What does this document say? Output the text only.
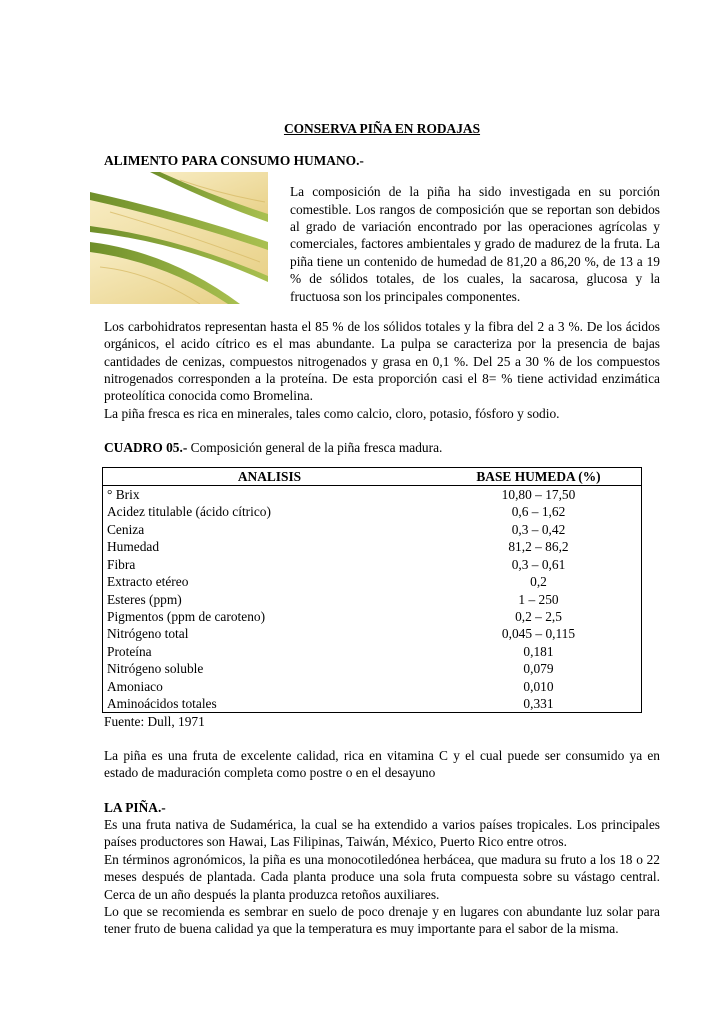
CONSERVA PIÑA EN RODAJAS

ALIMENTO PARA CONSUMO HUMANO.-

La composición de la piña ha sido investigada en su porción comestible. Los rangos de composición que se reportan son debidos al grado de variación encontrado por las operaciones agrícolas y comerciales, factores ambientales y grado de madurez de la fruta. La piña tiene un contenido de humedad de 81,20 a 86,20 %, de 13 a 19 % de sólidos totales, de los cuales, la sacarosa, glucosa y la fructuosa son los principales componentes.

Los carbohidratos representan hasta el 85 % de los sólidos totales y la fibra del 2 a 3 %. De los ácidos orgánicos, el acido cítrico es el mas abundante. La pulpa se caracteriza por la presencia de bajas cantidades de cenizas, compuestos nitrogenados y grasa en 0,1 %. Del 25 a 30 % de los compuestos nitrogenados corresponden a la proteína. De esta proporción casi el 8= % tiene actividad enzimática proteolítica conocida como Bromelina.

La piña fresca es rica en minerales, tales como calcio, cloro, potasio, fósforo y sodio.

CUADRO 05.- Composición general de la piña fresca madura.

ANALISIS	BASE HUMEDA (%)
° Brix	10,80 – 17,50
Acidez titulable (ácido cítrico)	0,6 – 1,62
Ceniza	0,3 – 0,42
Humedad	81,2 – 86,2
Fibra	0,3 – 0,61
Extracto etéreo	0,2
Esteres (ppm)	1 – 250
Pigmentos (ppm de caroteno)	0,2 – 2,5
Nitrógeno total	0,045 – 0,115
Proteína	0,181
Nitrógeno soluble	0,079
Amoniaco	0,010
Aminoácidos totales	0,331

Fuente: Dull, 1971

La piña es una fruta de excelente calidad, rica en vitamina C y el cual puede ser consumido ya en estado de maduración completa como postre o en el desayuno

LA PIÑA.-

Es una fruta nativa de Sudamérica, la cual se ha extendido a varios países tropicales. Los principales países productores son Hawai, Las Filipinas, Taiwán, México, Puerto Rico entre otros.

En términos agronómicos, la piña es una monocotiledónea herbácea, que madura su fruto a los 18 o 22 meses después de plantada. Cada planta produce una sola fruta compuesta sobre su vástago central. Cerca de un año después la planta produzca retoños auxiliares.

Lo que se recomienda es sembrar en suelo de poco drenaje y en lugares con abundante luz solar para tener fruto de buena calidad ya que la temperatura es muy importante para el sabor de la misma.
